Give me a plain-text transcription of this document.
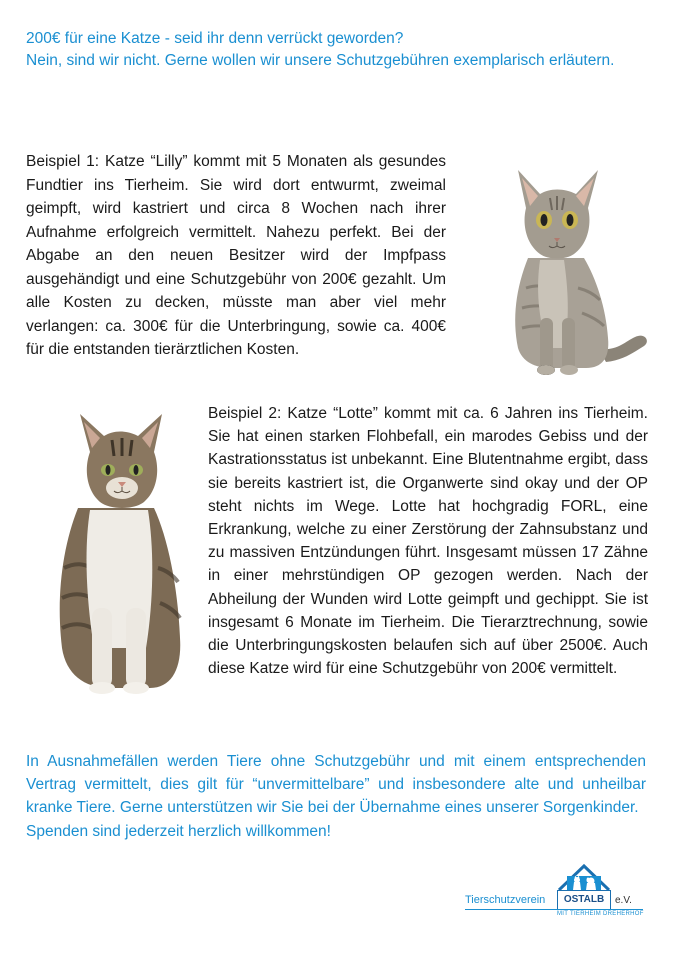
200€ für eine Katze - seid ihr denn verrückt geworden?

Nein, sind wir nicht. Gerne wollen wir unsere Schutzgebühren exemplarisch erläutern.

Beispiel 1: Katze “Lilly” kommt mit 5 Monaten als gesundes Fundtier ins Tierheim. Sie wird dort entwurmt, zweimal geimpft, wird kastriert und circa 8 Wochen nach ihrer Aufnahme erfolgreich vermittelt. Nahezu perfekt. Bei der Abgabe an den neuen Besitzer wird der Impfpass ausgehändigt und eine Schutzgebühr von 200€ gezahlt. Um alle Kosten zu decken, müsste man aber viel mehr verlangen: ca. 300€ für die Unterbringung, sowie ca. 400€ für die entstanden tierärztlichen Kosten.
Beispiel 2: Katze “Lotte” kommt mit ca. 6 Jahren ins Tierheim. Sie hat einen starken Flohbefall, ein marodes Gebiss und der Kastrationsstatus ist unbekannt. Eine Blutentnahme ergibt, dass sie bereits kastriert ist, die Organwerte sind okay und der OP steht nichts im Wege. Lotte hat hochgradig FORL, eine Erkrankung, welche zu einer Zerstörung der Zahnsubstanz und zu massiven Entzündungen führt. Insgesamt müssen 17 Zähne in einer mehrstündigen OP gezogen werden. Nach der Abheilung der Wunden wird Lotte geimpft und gechippt. Sie ist insgesamt 6 Monate im Tierheim. Die Tierarztrechnung, sowie die Unterbringungskosten belaufen sich auf über 2500€. Auch diese Katze wird für eine Schutzgebühr von 200€ vermittelt.

In Ausnahmefällen werden Tiere ohne Schutzgebühr und mit einem entsprechenden Vertrag vermittelt, dies gilt für “unvermittelbare” und insbesondere alte und unheilbar kranke Tiere. Gerne unterstützen wir Sie bei der Übernahme eines unserer Sorgenkinder.

Spenden sind jederzeit herzlich willkommen!

Tierschutzverein	OSTALB	e.V.
MIT TIERHEIM DREHERHOF
